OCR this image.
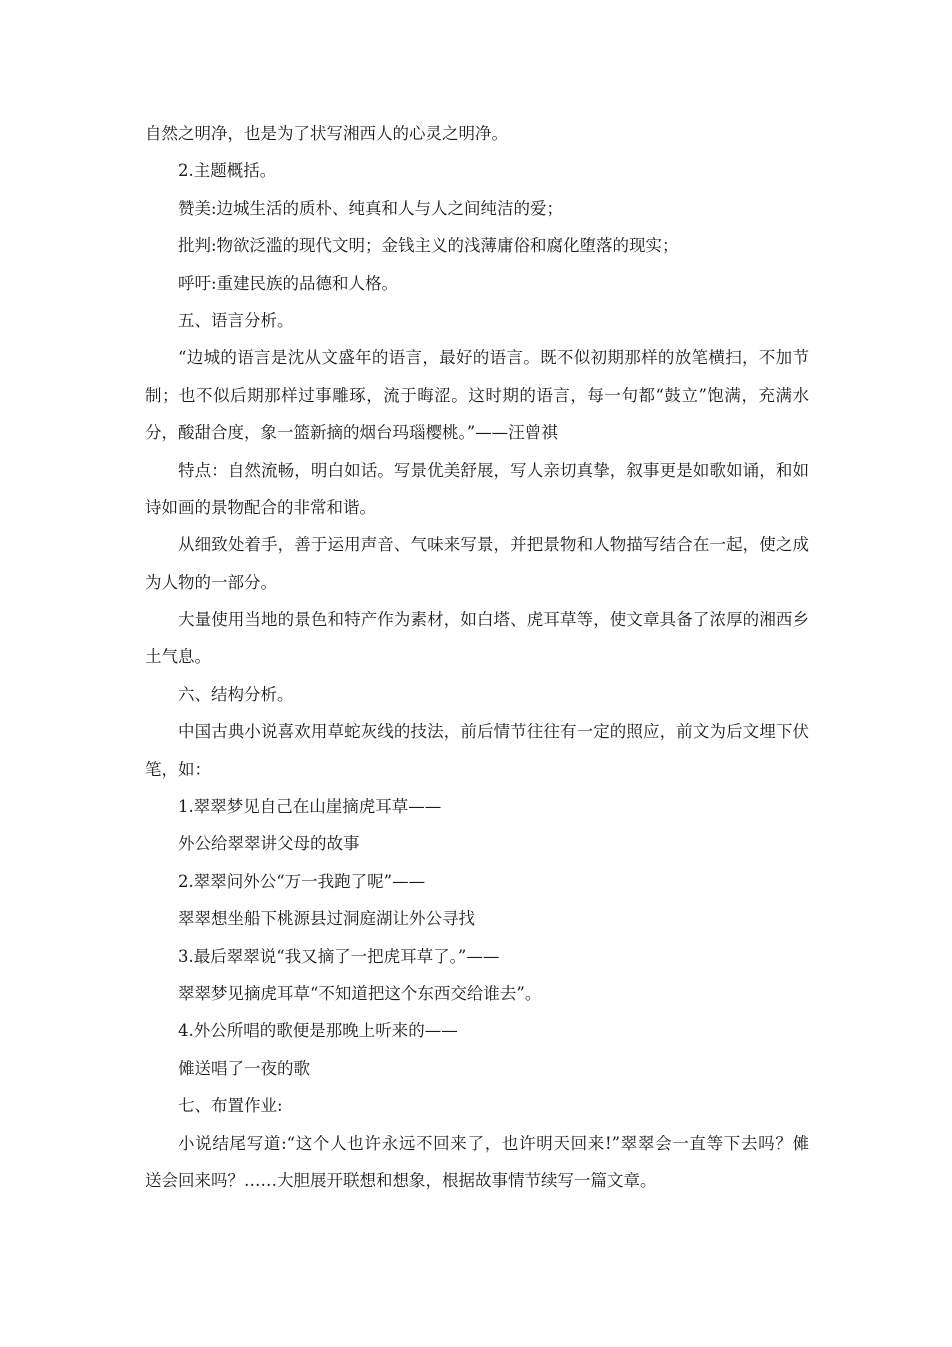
自然之明净，也是为了状写湘西人的心灵之明净。
2.主题概括。
赞美:边城生活的质朴、纯真和人与人之间纯洁的爱；
批判:物欲泛滥的现代文明；金钱主义的浅薄庸俗和腐化堕落的现实；
呼吁:重建民族的品德和人格。
五、语言分析。
“边城的语言是沈从文盛年的语言，最好的语言。既不似初期那样的放笔横扫，不加节
制；也不似后期那样过事雕琢，流于晦涩。这时期的语言，每一句都“鼓立”饱满，充满水
分，酸甜合度，象一篮新摘的烟台玛瑙樱桃。”——汪曾祺
特点：自然流畅，明白如话。写景优美舒展，写人亲切真挚，叙事更是如歌如诵，和如
诗如画的景物配合的非常和谐。
从细致处着手，善于运用声音、气味来写景，并把景物和人物描写结合在一起，使之成
为人物的一部分。
大量使用当地的景色和特产作为素材，如白塔、虎耳草等，使文章具备了浓厚的湘西乡
土气息。
六、结构分析。
中国古典小说喜欢用草蛇灰线的技法，前后情节往往有一定的照应，前文为后文埋下伏
笔，如：
1.翠翠梦见自己在山崖摘虎耳草——
外公给翠翠讲父母的故事
2.翠翠问外公“万一我跑了呢”——
翠翠想坐船下桃源县过洞庭湖让外公寻找
3.最后翠翠说“我又摘了一把虎耳草了。”——
翠翠梦见摘虎耳草“不知道把这个东西交给谁去”。
4.外公所唱的歌便是那晚上听来的——
傩送唱了一夜的歌
七、布置作业:
小说结尾写道:“这个人也许永远不回来了，也许明天回来!”翠翠会一直等下去吗？傩
送会回来吗？……大胆展开联想和想象，根据故事情节续写一篇文章。
